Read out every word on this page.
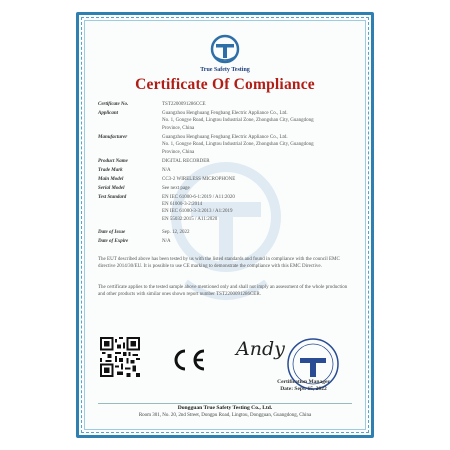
True Safety Testing
Certificate Of Compliance
Certificate No.	TST2200091286CCE
Applicant	Guangzhou Henghuang Fengbang Electric Appliance Co., Ltd.
No. 1, Gongye Road, Lingtou Industrial Zone, Zhongshan City, Guangdong
Province, China
Manufacturer	Guangzhou Henghuang Fengbang Electric Appliance Co., Ltd.
No. 1, Gongye Road, Lingtou Industrial Zone, Zhongshan City, Guangdong
Province, China
Product Name	DIGITAL RECORDER
Trade Mark	N/A
Main Model	CC3-2 WIRELESS MICROPHONE
Serial Model	See next page
Test Standard	EN IEC 61000-6-1:2019 / A11:2020
EN 61000-3-2:2014
EN IEC 61000-3-3:2013 / A1:2019
EN 55032:2015 / A11:2020
Date of Issue	Sep. 12, 2022
Date of Expire	N/A
The EUT described above has been tested by us with the listed standards and found in compliance with the council EMC directive 2014/30/EU. It is possible to use CE marking to demonstrate the compliance with this EMC Directive.
The certificate applies to the tested sample above mentioned only and shall not imply an assessment of the whole production and other products with similar ones shown report number TST2200091286CER.
Andy
Certification Manager
Date: Sept. 15, 2022
Dongguan True Safety Testing Co., Ltd.
Room 301, No. 20, 2nd Street, Dongpu Road, Lingtou, Dongguan, Guangdong, China
